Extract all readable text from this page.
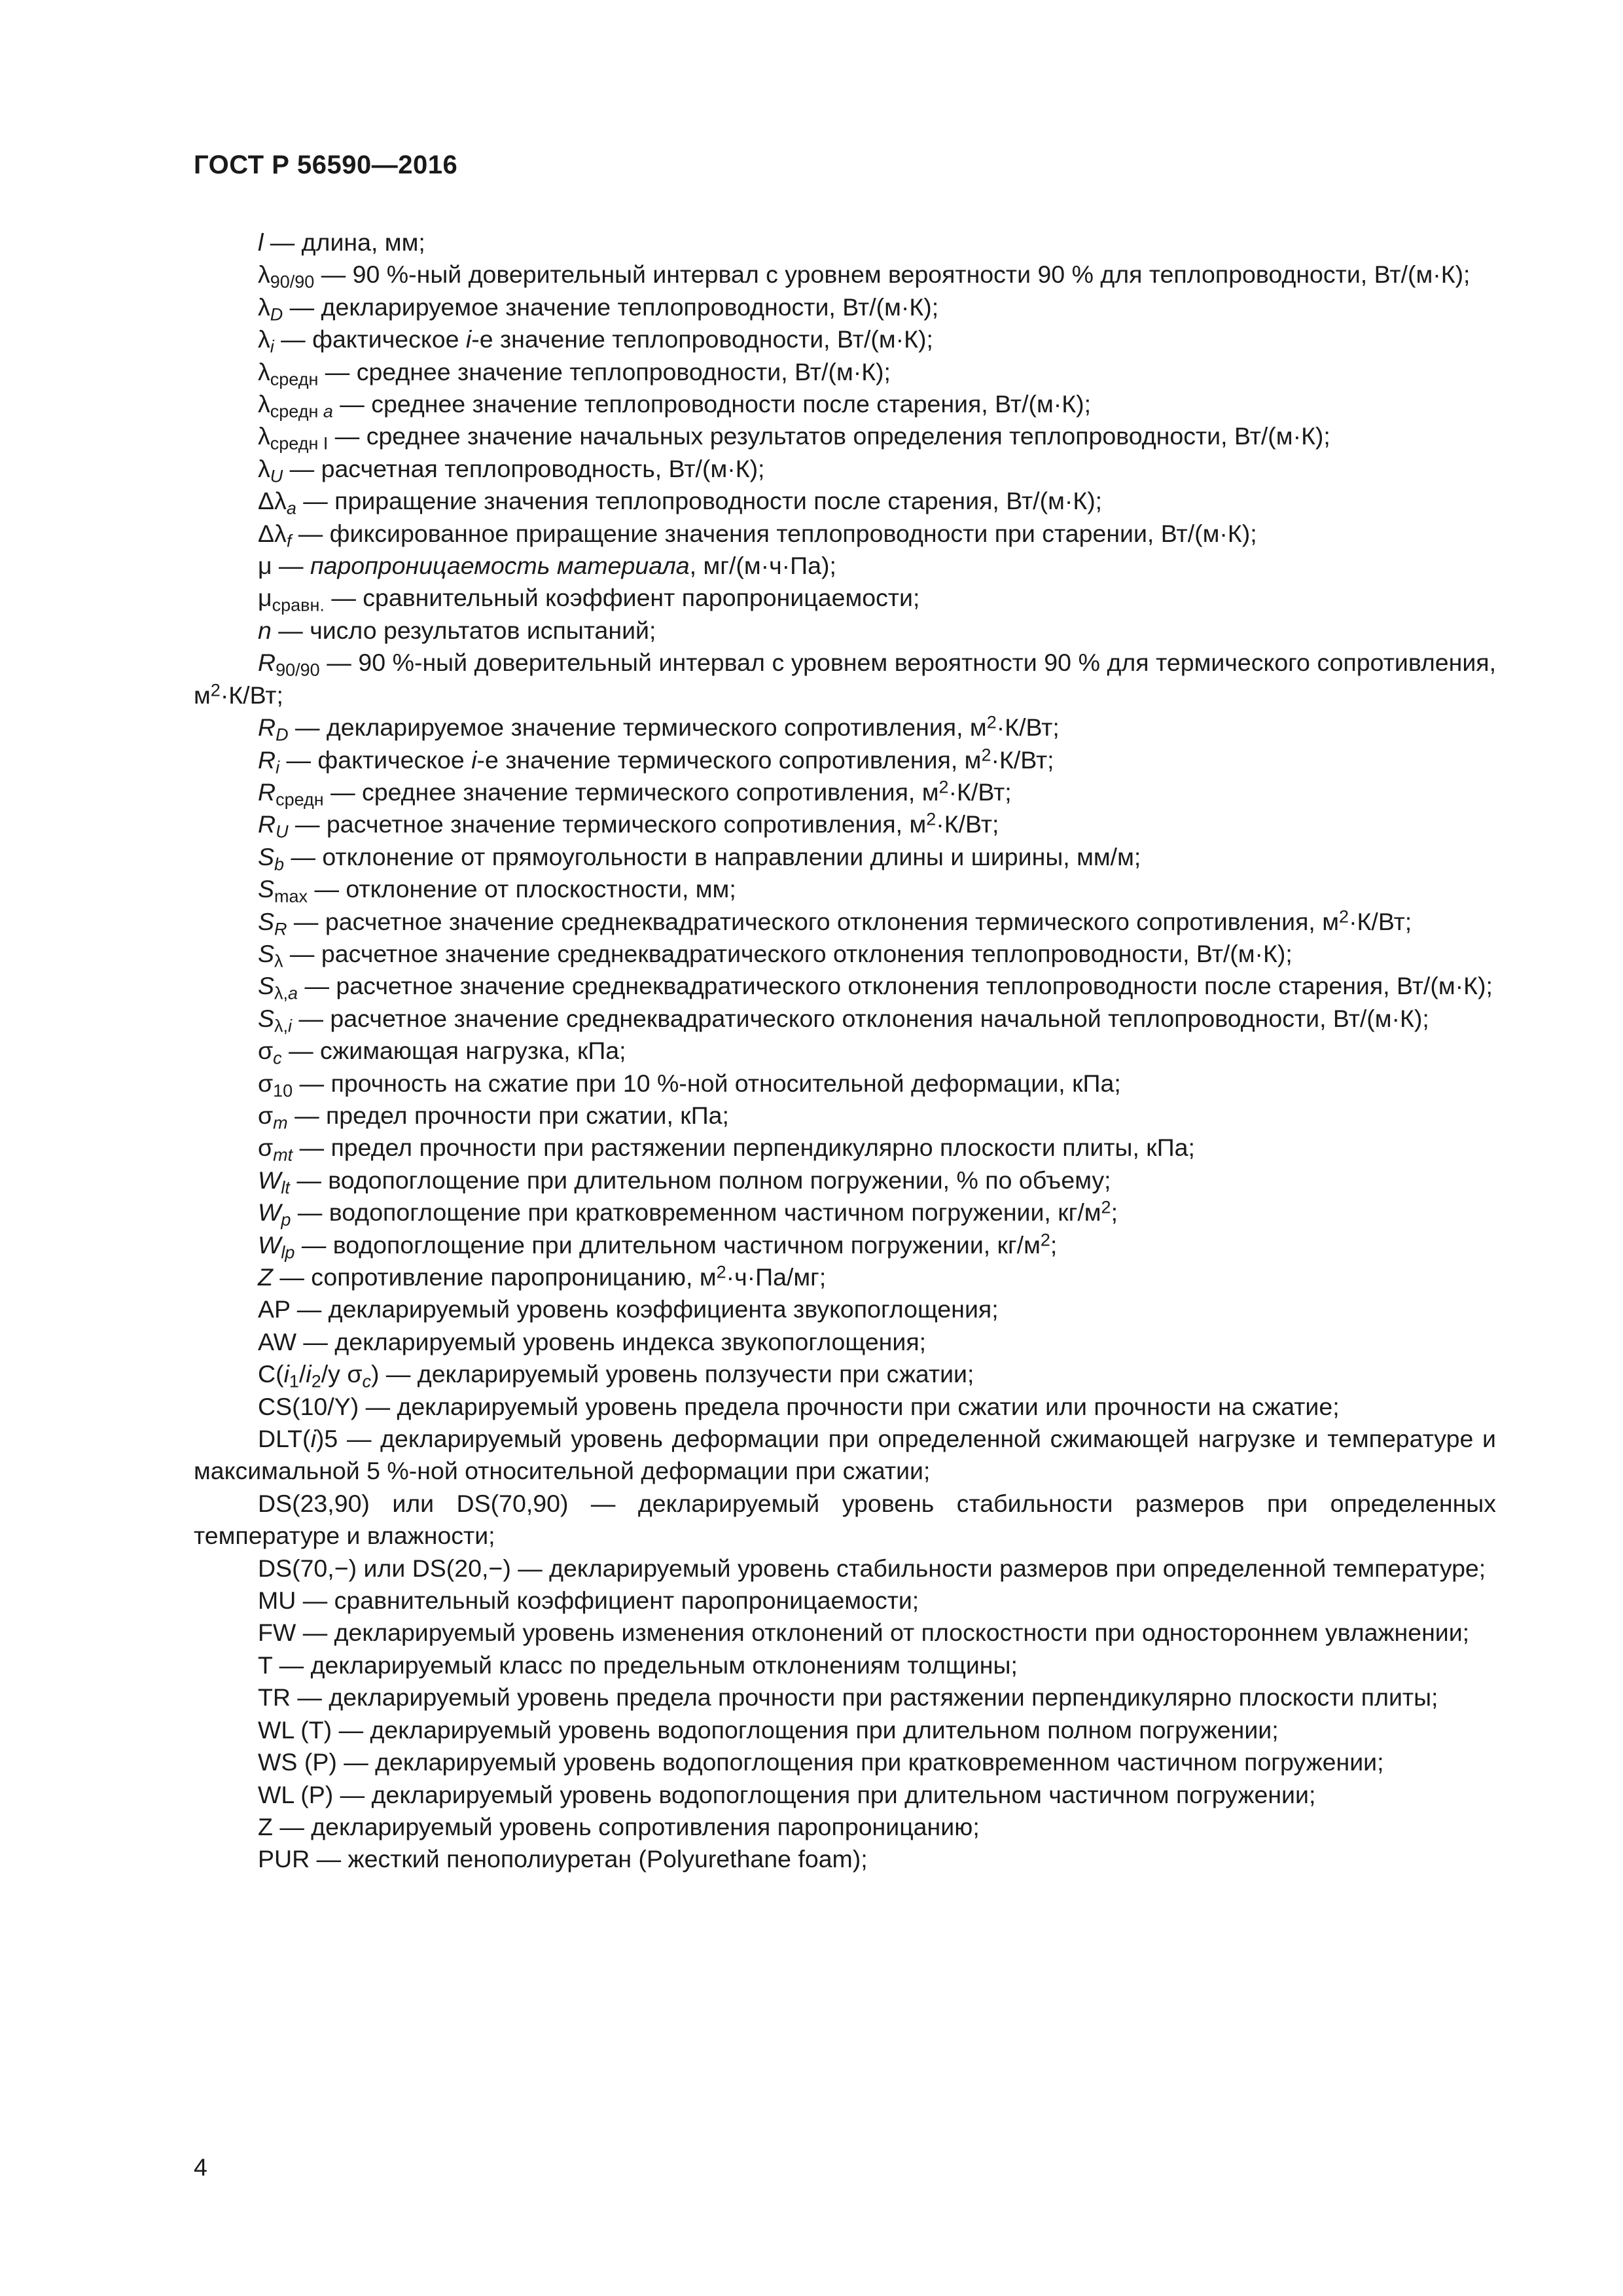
ГОСТ Р 56590—2016
l — длина, мм;
$\lambda_{90/90}$ — 90 %-ный доверительный интервал с уровнем вероятности 90 % для теплопроводности, Вт/(м·К);
$\lambda_D$ — декларируемое значение теплопроводности, Вт/(м·К);
$\lambda_i$ — фактическое i-е значение теплопроводности, Вт/(м·К);
$\lambda_{средн}$ — среднее значение теплопроводности, Вт/(м·К);
$\lambda_{средн}$ $_a$ — среднее значение теплопроводности после старения, Вт/(м·К);
$\lambda_{средн I}$ — среднее значение начальных результатов определения теплопроводности, Вт/(м·К);
$\lambda_U$ — расчетная теплопроводность, Вт/(м·К);
$\Delta\lambda_a$ — приращение значения теплопроводности после старения, Вт/(м·К);
$\Delta\lambda_f$ — фиксированное приращение значения теплопроводности при старении, Вт/(м·К);
μ — паропроницаемость материала, мг/(м·ч·Па);
$\mu_{сравн.}$ — сравнительный коэффиент паропроницаемости;
n — число результатов испытаний;
$R_{90/90}$ — 90 %-ный доверительный интервал с уровнем вероятности 90 % для термического сопротивления, $м^2\cdot К/Вт$;
$R_D$ — декларируемое значение термического сопротивления, $м^2\cdot К/Вт$;
$R_i$ — фактическое i-е значение термического сопротивления, $м^2\cdot К/Вт$;
$R_{средн}$ — среднее значение термического сопротивления, $м^2\cdot К/Вт$;
$R_U$ — расчетное значение термического сопротивления, $м^2\cdot К/Вт$;
$S_b$ — отклонение от прямоугольности в направлении длины и ширины, мм/м;
$S_{max}$ — отклонение от плоскостности, мм;
$S_R$ — расчетное значение среднеквадратического отклонения термического сопротивления, $м^2\cdot К/Вт$;
$S_\lambda$ — расчетное значение среднеквадратического отклонения теплопроводности, Вт/(м·К);
$S_{\lambda,a}$ — расчетное значение среднеквадратического отклонения теплопроводности после старения, Вт/(м·К);
$S_{\lambda,i}$ — расчетное значение среднеквадратического отклонения начальной теплопроводности, Вт/(м·К);
$\sigma_c$ — сжимающая нагрузка, кПа;
$\sigma_{10}$ — прочность на сжатие при 10 %-ной относительной деформации, кПа;
$\sigma_m$ — предел прочности при сжатии, кПа;
$\sigma_{mt}$ — предел прочности при растяжении перпендикулярно плоскости плиты, кПа;
$W_{lt}$ — водопоглощение при длительном полном погружении, % по объему;
$W_p$ — водопоглощение при кратковременном частичном погружении, $кг/м^2$;
$W_{lp}$ — водопоглощение при длительном частичном погружении, $кг/м^2$;
Z — сопротивление паропроницанию, $м^2\cdot ч\cdot Па/мг$;
AP — декларируемый уровень коэффициента звукопоглощения;
AW — декларируемый уровень индекса звукопоглощения;
$C(i_1/i_2/y$ $\sigma_c$) — декларируемый уровень ползучести при сжатии;
CS(10/Y) — декларируемый уровень предела прочности при сжатии или прочности на сжатие;
DLT(i)5 — декларируемый уровень деформации при определенной сжимающей нагрузке и температуре и максимальной 5 %-ной относительной деформации при сжатии;
DS(23,90) или DS(70,90) — декларируемый уровень стабильности размеров при определенных температуре и влажности;
DS(70,−) или DS(20,−) — декларируемый уровень стабильности размеров при определенной температуре;
MU — сравнительный коэффициент паропроницаемости;
FW — декларируемый уровень изменения отклонений от плоскостности при одностороннем увлажнении;
T — декларируемый класс по предельным отклонениям толщины;
TR — декларируемый уровень предела прочности при растяжении перпендикулярно плоскости плиты;
WL (T) — декларируемый уровень водопоглощения при длительном полном погружении;
WS (P) — декларируемый уровень водопоглощения при кратковременном частичном погружении;
WL (P) — декларируемый уровень водопоглощения при длительном частичном погружении;
Z — декларируемый уровень сопротивления паропроницанию;
PUR — жесткий пенополиуретан (Polyurethane foam);
4
